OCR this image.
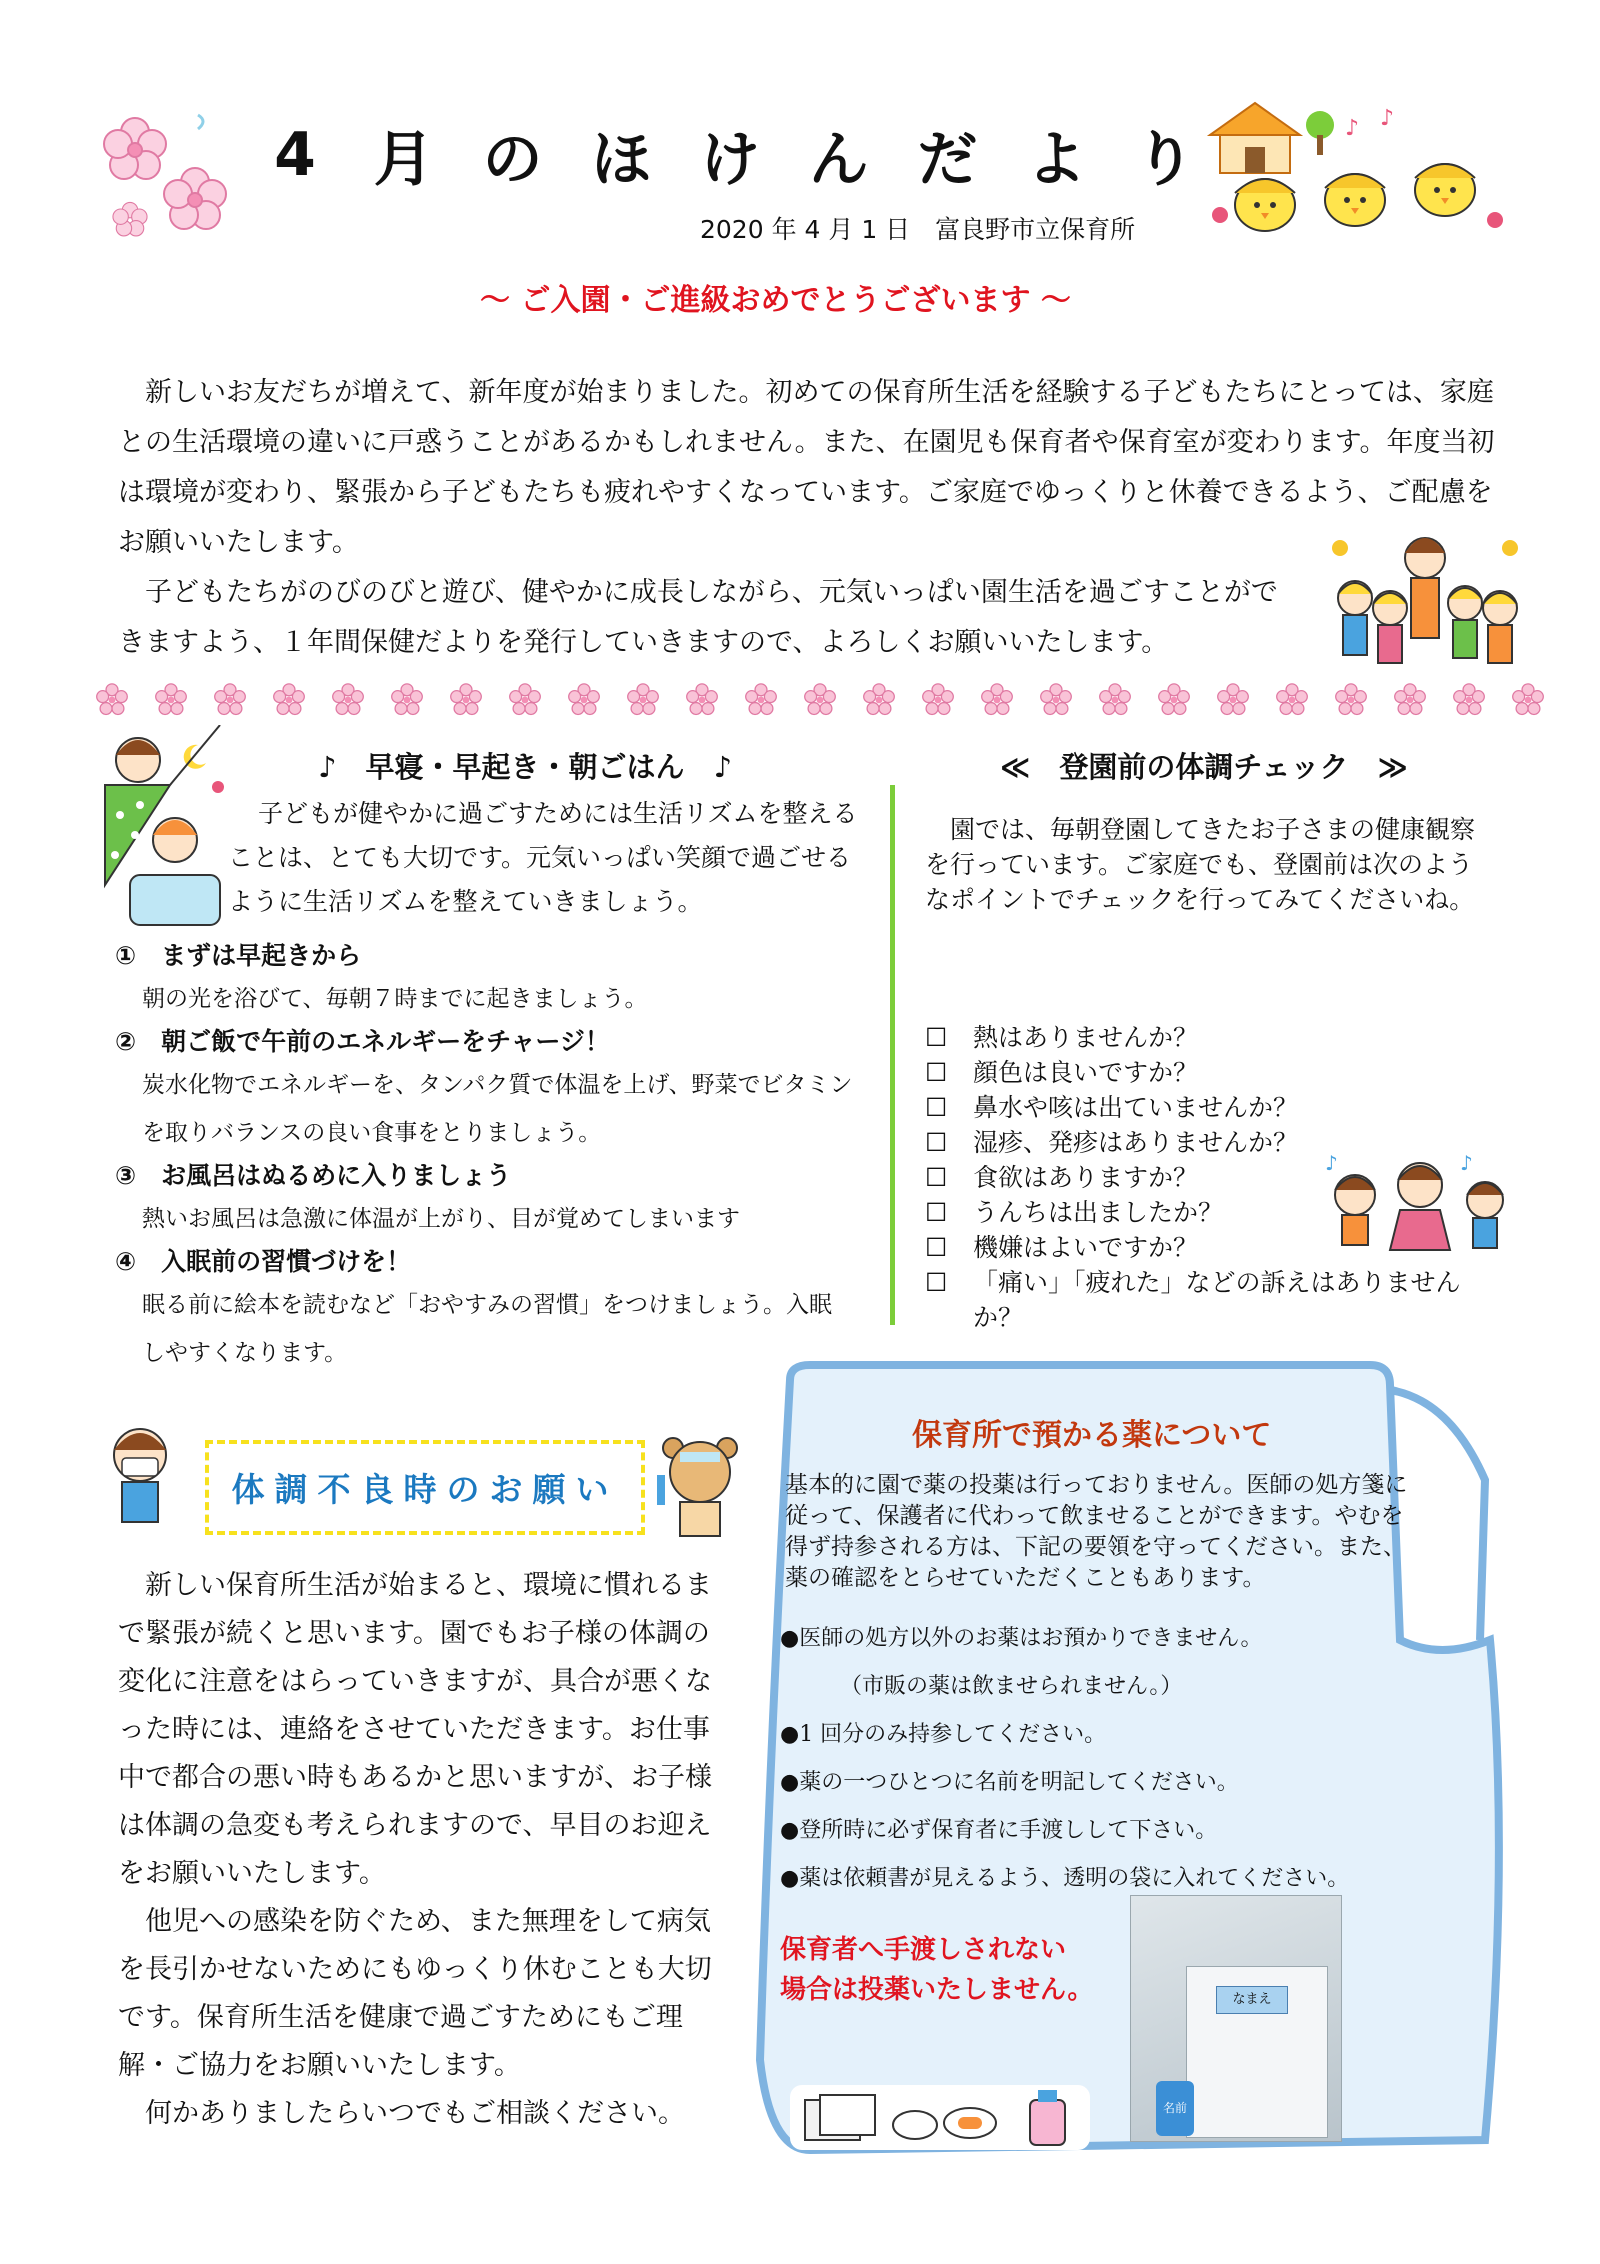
4 月 の ほ け ん だ よ り	♪ ♪
2020 年 4 月 1 日　富良野市立保育所
～ ご入園・ご進級おめでとうございます ～
新しいお友だちが増えて、新年度が始まりました。初めての保育所生活を経験する子どもたちにとっては、家庭との生活環境の違いに戸惑うことがあるかもしれません。また、在園児も保育者や保育室が変わります。年度当初は環境が変わり、緊張から子どもたちも疲れやすくなっています。ご家庭でゆっくりと休養できるよう、ご配慮をお願いいたします。
子どもたちがのびのびと遊び、健やかに成長しながら、元気いっぱい園生活を過ごすことができますよう、１年間保健だよりを発行していきますので、よろしくお願いいたします。
♪　早寝・早起き・朝ごはん　♪
子どもが健やかに過ごすためには生活リズムを整えることは、とても大切です。元気いっぱい笑顔で過ごせるように生活リズムを整えていきましょう。
①　まずは早起きから
朝の光を浴びて、毎朝７時までに起きましょう。
②　朝ご飯で午前のエネルギーをチャージ！
炭水化物でエネルギーを、タンパク質で体温を上げ、野菜でビタミンを取りバランスの良い食事をとりましょう。
③　お風呂はぬるめに入りましょう
熱いお風呂は急激に体温が上がり、目が覚めてしまいます
④　入眠前の習慣づけを！
眠る前に絵本を読むなど「おやすみの習慣」をつけましょう。入眠しやすくなります。
≪　登園前の体調チェック　≫
園では、毎朝登園してきたお子さまの健康観察を行っています。ご家庭でも、登園前は次のようなポイントでチェックを行ってみてくださいね。
☐	熱はありませんか？
☐	顔色は良いですか？
☐	鼻水や咳は出ていませんか？
☐	湿疹、発疹はありませんか？
☐	食欲はありますか？
☐	うんちは出ましたか？
☐	機嫌はよいですか？
☐	「痛い」「疲れた」などの訴えはありませんか？
♪	♪
体調不良時のお願い
新しい保育所生活が始まると、環境に慣れるまで緊張が続くと思います。園でもお子様の体調の変化に注意をはらっていきますが、具合が悪くなった時には、連絡をさせていただきます。お仕事中で都合の悪い時もあるかと思いますが、お子様は体調の急変も考えられますので、早目のお迎えをお願いいたします。
他児への感染を防ぐため、また無理をして病気を長引かせないためにもゆっくり休むことも大切です。保育所生活を健康で過ごすためにもご理解・ご協力をお願いいたします。
何かありましたらいつでもご相談ください。
保育所で預かる薬について
基本的に園で薬の投薬は行っておりません。医師の処方箋に従って、保護者に代わって飲ませることができます。やむを得ず持参される方は、下記の要領を守ってください。また、薬の確認をとらせていただくこともあります。
●医師の処方以外のお薬はお預かりできません。
（市販の薬は飲ませられません。）
●1 回分のみ持参してください。
●薬の一つひとつに名前を明記してください。
●登所時に必ず保育者に手渡しして下さい。
●薬は依頼書が見えるよう、透明の袋に入れてください。
保育者へ手渡しされない
場合は投薬いたしません。	なまえ
名前
